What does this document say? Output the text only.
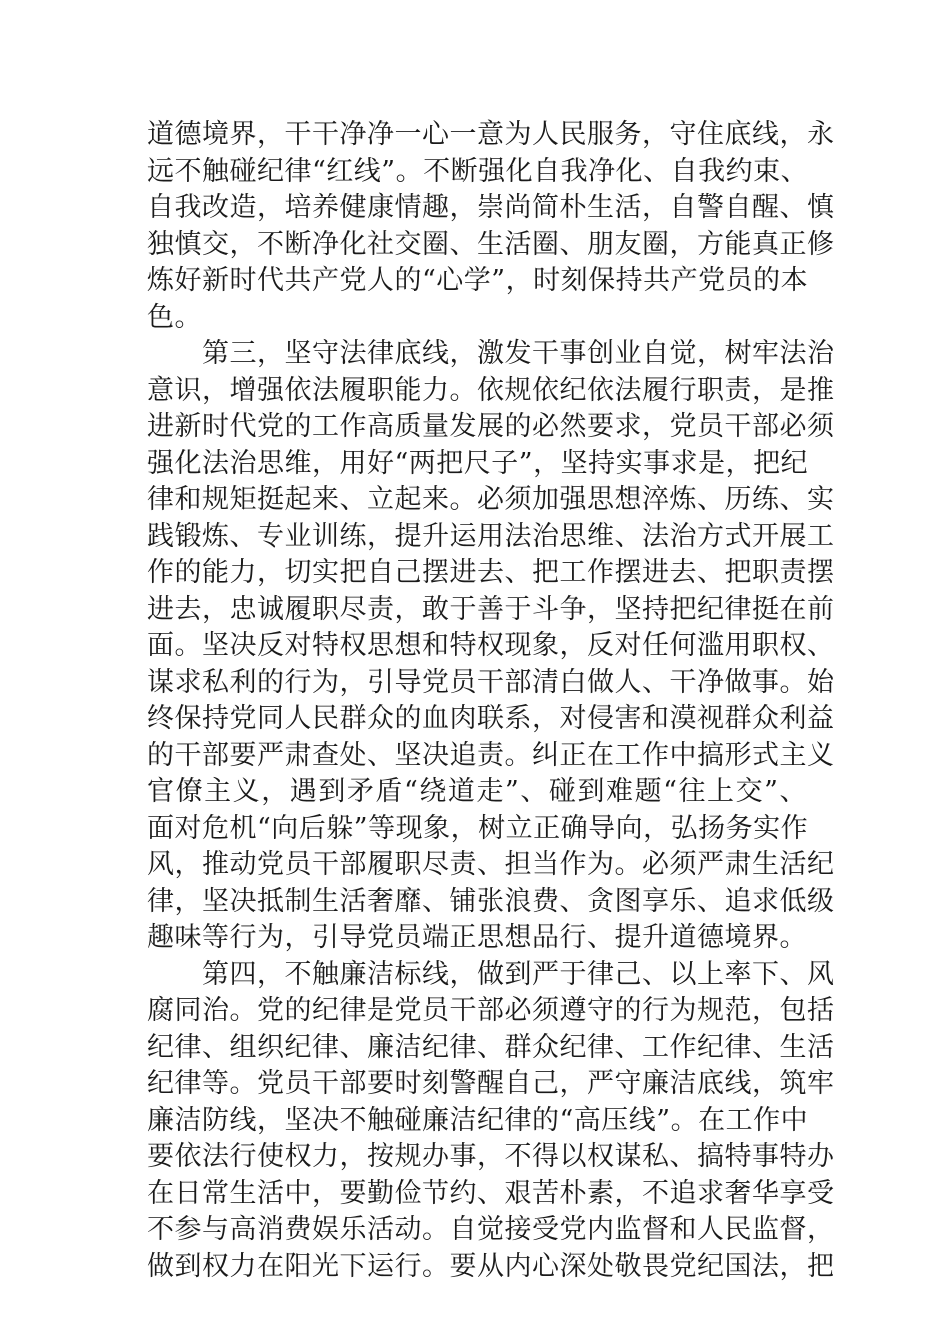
道德境界，干干净净一心一意为人民服务，守住底线，永
远不触碰纪律“红线”。不断强化自我净化、自我约束、
自我改造，培养健康情趣，崇尚简朴生活，自警自醒、慎
独慎交，不断净化社交圈、生活圈、朋友圈，方能真正修
炼好新时代共产党人的“心学”，时刻保持共产党员的本
色。
　　第三，坚守法律底线，激发干事创业自觉，树牢法治
意识，增强依法履职能力。依规依纪依法履行职责，是推
进新时代党的工作高质量发展的必然要求，党员干部必须
强化法治思维，用好“两把尺子”，坚持实事求是，把纪
律和规矩挺起来、立起来。必须加强思想淬炼、历练、实
践锻炼、专业训练，提升运用法治思维、法治方式开展工
作的能力，切实把自己摆进去、把工作摆进去、把职责摆
进去，忠诚履职尽责，敢于善于斗争，坚持把纪律挺在前
面。坚决反对特权思想和特权现象，反对任何滥用职权、
谋求私利的行为，引导党员干部清白做人、干净做事。始
终保持党同人民群众的血肉联系，对侵害和漠视群众利益
的干部要严肃查处、坚决追责。纠正在工作中搞形式主义
官僚主义，遇到矛盾“绕道走”、碰到难题“往上交”、
面对危机“向后躲”等现象，树立正确导向，弘扬务实作
风，推动党员干部履职尽责、担当作为。必须严肃生活纪
律，坚决抵制生活奢靡、铺张浪费、贪图享乐、追求低级
趣味等行为，引导党员端正思想品行、提升道德境界。
　　第四，不触廉洁标线，做到严于律己、以上率下、风
腐同治。党的纪律是党员干部必须遵守的行为规范，包括
纪律、组织纪律、廉洁纪律、群众纪律、工作纪律、生活
纪律等。党员干部要时刻警醒自己，严守廉洁底线，筑牢
廉洁防线，坚决不触碰廉洁纪律的“高压线”。在工作中
要依法行使权力，按规办事，不得以权谋私、搞特事特办
在日常生活中，要勤俭节约、艰苦朴素，不追求奢华享受
不参与高消费娱乐活动。自觉接受党内监督和人民监督，
做到权力在阳光下运行。要从内心深处敬畏党纪国法，把
